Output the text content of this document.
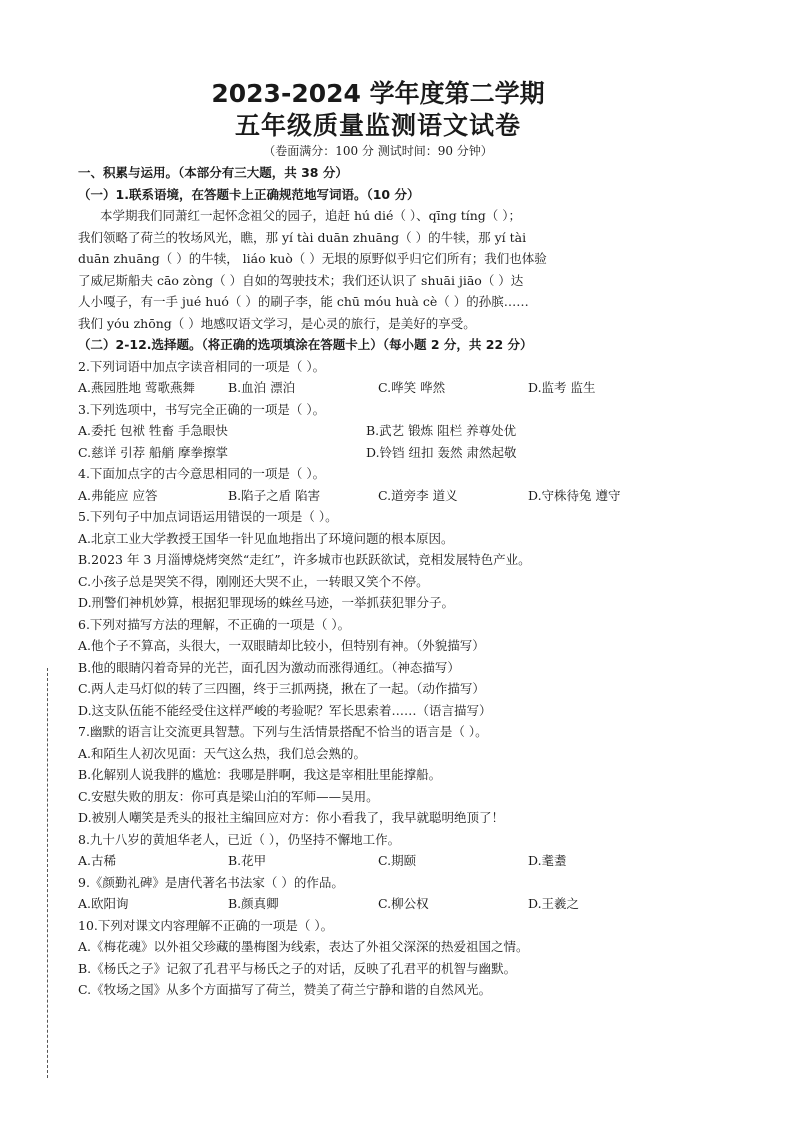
2023-2024 学年度第二学期
五年级质量监测语文试卷
（卷面满分：100 分 测试时间：90 分钟）
一、积累与运用。（本部分有三大题，共 38 分）
（一）1.联系语境，在答题卡上正确规范地写词语。（10 分）
本学期我们同萧红一起怀念祖父的园子，追赶 hú dié（ ）、qīng tíng（ ）；
我们领略了荷兰的牧场风光，瞧，那 yí tài duān zhuāng（ ）的牛犊，那 yí tài
duān zhuāng（ ）的牛犊， liáo kuò（ ）无垠的原野似乎归它们所有；我们也体验
了威尼斯船夫 cāo zòng（ ）自如的驾驶技术；我们还认识了 shuāi jiāo（ ）达
人小嘎子，有一手 jué huó（ ）的刷子李，能 chū móu huà cè（ ）的孙膑……
我们 yóu zhōng（ ）地感叹语文学习，是心灵的旅行，是美好的享受。
（二）2-12.选择题。（将正确的选项填涂在答题卡上）（每小题 2 分，共 22 分）
2.下列词语中加点字读音相同的一项是（ ）。
A.燕园胜地 莺歌燕舞	B.血泊 漂泊	C.哗笑 哗然	D.监考 监生
3.下列选项中，书写完全正确的一项是（ ）。
A.委托 包袱 牲畜 手急眼快	B.武艺 锻炼 阻栏 养尊处优
C.慈详 引荐 船艄 摩拳擦掌	D.铃铛 纽扣 轰然 肃然起敬
4.下面加点字的古今意思相同的一项是（ ）。
A.弗能应 应答	B.陷子之盾 陷害	C.道旁李 道义	D.守株待兔 遵守
5.下列句子中加点词语运用错误的一项是（ ）。
A.北京工业大学教授王国华一针见血地指出了环境问题的根本原因。
B.2023 年 3 月淄博烧烤突然“走红”，许多城市也跃跃欲试，竞相发展特色产业。
C.小孩子总是哭笑不得，刚刚还大哭不止，一转眼又笑个不停。
D.刑警们神机妙算，根据犯罪现场的蛛丝马迹，一举抓获犯罪分子。
6.下列对描写方法的理解，不正确的一项是（ ）。
A.他个子不算高，头很大，一双眼睛却比较小，但特别有神。（外貌描写）
B.他的眼睛闪着奇异的光芒，面孔因为激动而涨得通红。（神态描写）
C.两人走马灯似的转了三四圈，终于三抓两挠，揪在了一起。（动作描写）
D.这支队伍能不能经受住这样严峻的考验呢？军长思索着……（语言描写）
7.幽默的语言让交流更具智慧。下列与生活情景搭配不恰当的语言是（ ）。
A.和陌生人初次见面：天气这么热，我们总会熟的。
B.化解别人说我胖的尴尬：我哪是胖啊，我这是宰相肚里能撑船。
C.安慰失败的朋友：你可真是梁山泊的军师——吴用。
D.被别人嘲笑是秃头的报社主编回应对方：你小看我了，我早就聪明绝顶了！
8.九十八岁的黄旭华老人，已近（ ），仍坚持不懈地工作。
A.古稀	B.花甲	C.期颐	D.耄耋
9.《颜勤礼碑》是唐代著名书法家（ ）的作品。
A.欧阳询	B.颜真卿	C.柳公权	D.王羲之
10.下列对课文内容理解不正确的一项是（ ）。
A.《梅花魂》以外祖父珍藏的墨梅图为线索，表达了外祖父深深的热爱祖国之情。
B.《杨氏之子》记叙了孔君平与杨氏之子的对话，反映了孔君平的机智与幽默。
C.《牧场之国》从多个方面描写了荷兰，赞美了荷兰宁静和谐的自然风光。
